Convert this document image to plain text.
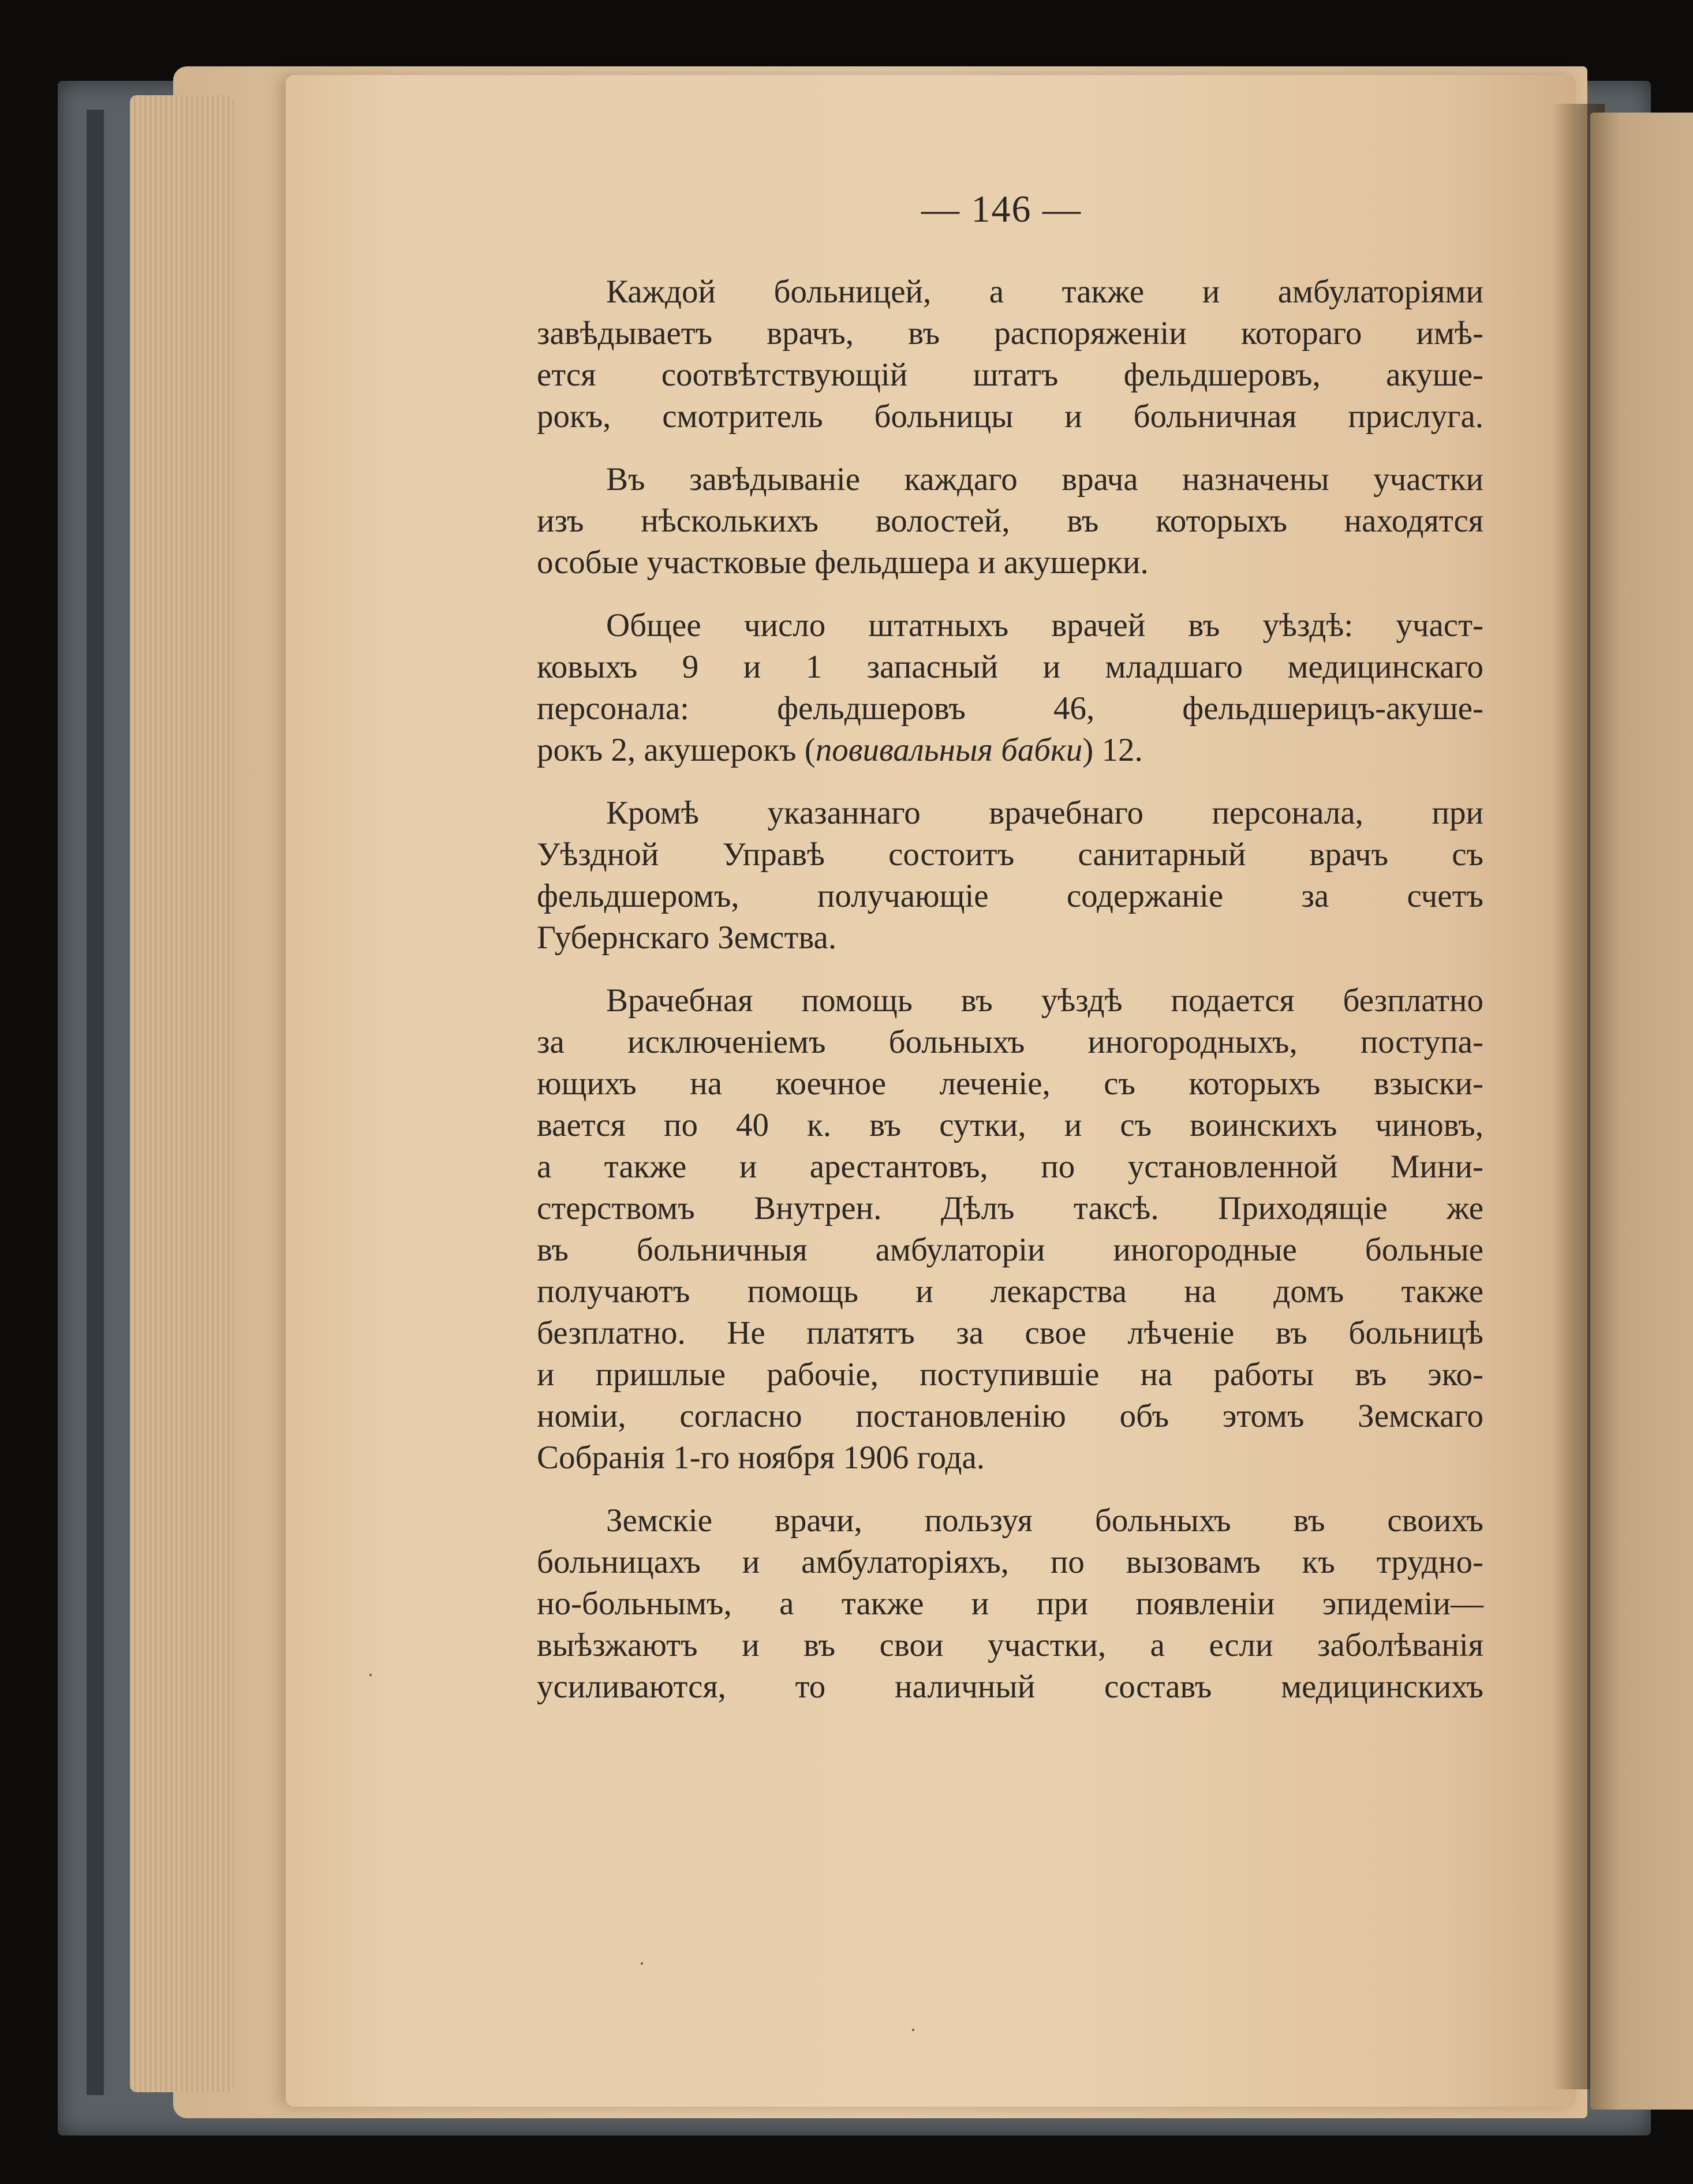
— 146 —
Каждой больницей, а также и амбулаторіями
завѣдываетъ врачъ, въ распоряженіи котораго имѣ-
ется соотвѣтствующій штатъ фельдшеровъ, акуше-
рокъ, смотритель больницы и больничная прислуга.
Въ завѣдываніе каждаго врача назначены участки
изъ нѣсколькихъ волостей, въ которыхъ находятся
особые участковые фельдшера и акушерки.
Общее число штатныхъ врачей въ уѣздѣ: участ-
ковыхъ 9 и 1 запасный и младшаго медицинскаго
персонала: фельдшеровъ 46, фельдшерицъ-акуше-
рокъ 2, акушерокъ (повивальныя бабки) 12.
Кромѣ указаннаго врачебнаго персонала, при
Уѣздной Управѣ состоитъ санитарный врачъ съ
фельдшеромъ, получающіе содержаніе за счетъ
Губернскаго Земства.
Врачебная помощь въ уѣздѣ подается безплатно
за исключеніемъ больныхъ иногородныхъ, поступа-
ющихъ на коечное леченіе, съ которыхъ взыски-
вается по 40 к. въ сутки, и съ воинскихъ чиновъ,
а также и арестантовъ, по установленной Мини-
стерствомъ Внутрен. Дѣлъ таксѣ. Приходящіе же
въ больничныя амбулаторіи иногородные больные
получаютъ помощь и лекарства на домъ также
безплатно. Не платятъ за свое лѣченіе въ больницѣ
и пришлые рабочіе, поступившіе на работы въ эко-
номіи, согласно постановленію объ этомъ Земскаго
Собранія 1-го ноября 1906 года.
Земскіе врачи, пользуя больныхъ въ своихъ
больницахъ и амбулаторіяхъ, по вызовамъ къ трудно-
но-больнымъ, а также и при появленіи эпидеміи—
выѣзжаютъ и въ свои участки, а если заболѣванія
усиливаются, то наличный составъ медицинскихъ
